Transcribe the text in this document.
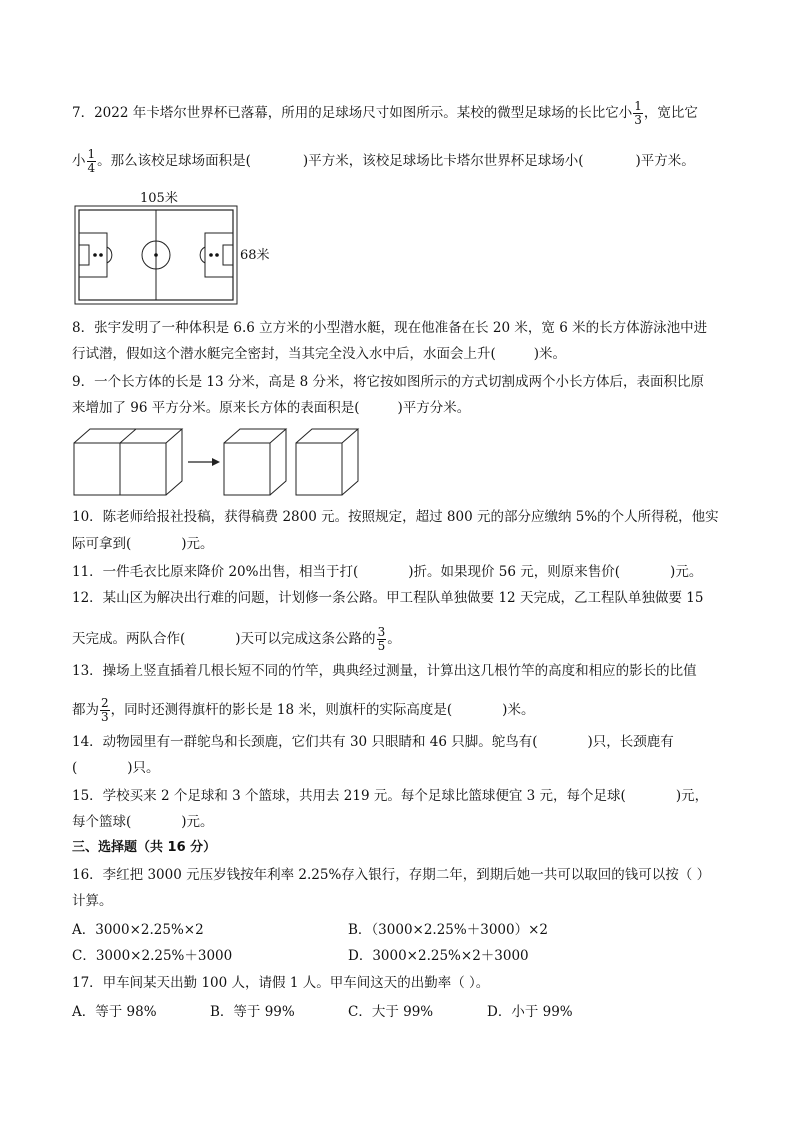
7．2022 年卡塔尔世界杯已落幕，所用的足球场尺寸如图所示。某校的微型足球场的长比它小 $\frac{1}{3}$ ，宽比它
小 $\frac{1}{4}$ 。那么该校足球场面积是(	)平方米，该校足球场比卡塔尔世界杯足球场小(	)平方米。
105米
68米
8．张宇发明了一种体积是 6.6 立方米的小型潜水艇，现在他准备在长 20 米，宽 6 米的长方体游泳池中进
行试潜，假如这个潜水艇完全密封，当其完全没入水中后，水面会上升(	)米。
9．一个长方体的长是 13 分米，高是 8 分米，将它按如图所示的方式切割成两个小长方体后，表面积比原
来增加了 96 平方分米。原来长方体的表面积是(	)平方分米。
10．陈老师给报社投稿，获得稿费 2800 元。按照规定，超过 800 元的部分应缴纳 5%的个人所得税，他实
际可拿到(	)元。
11．一件毛衣比原来降价 20%出售，相当于打(	)折。如果现价 56 元，则原来售价(	)元。
12．某山区为解决出行难的问题，计划修一条公路。甲工程队单独做要 12 天完成，乙工程队单独做要 15
天完成。两队合作(	)天可以完成这条公路的 $\frac{3}{5}$ 。
13．操场上竖直插着几根长短不同的竹竿，典典经过测量，计算出这几根竹竿的高度和相应的影长的比值
都为 $\frac{2}{3}$ ，同时还测得旗杆的影长是 18 米，则旗杆的实际高度是(	)米。
14．动物园里有一群鸵鸟和长颈鹿，它们共有 30 只眼睛和 46 只脚。鸵鸟有(	)只，长颈鹿有
(	)只。
15．学校买来 2 个足球和 3 个篮球，共用去 219 元。每个足球比篮球便宜 3 元，每个足球(	)元，
每个篮球(	)元。
三、选择题（共 16 分）
16．李红把 3000 元压岁钱按年利率 2.25%存入银行，存期二年，到期后她一共可以取回的钱可以按（ ）
计算。
A．3000×2.25%×2	B．（3000×2.25%＋3000）×2
C．3000×2.25%＋3000	D．3000×2.25%×2＋3000
17．甲车间某天出勤 100 人，请假 1 人。甲车间这天的出勤率（ ）。
A．等于 98%	B．等于 99%	C．大于 99%	D．小于 99%
